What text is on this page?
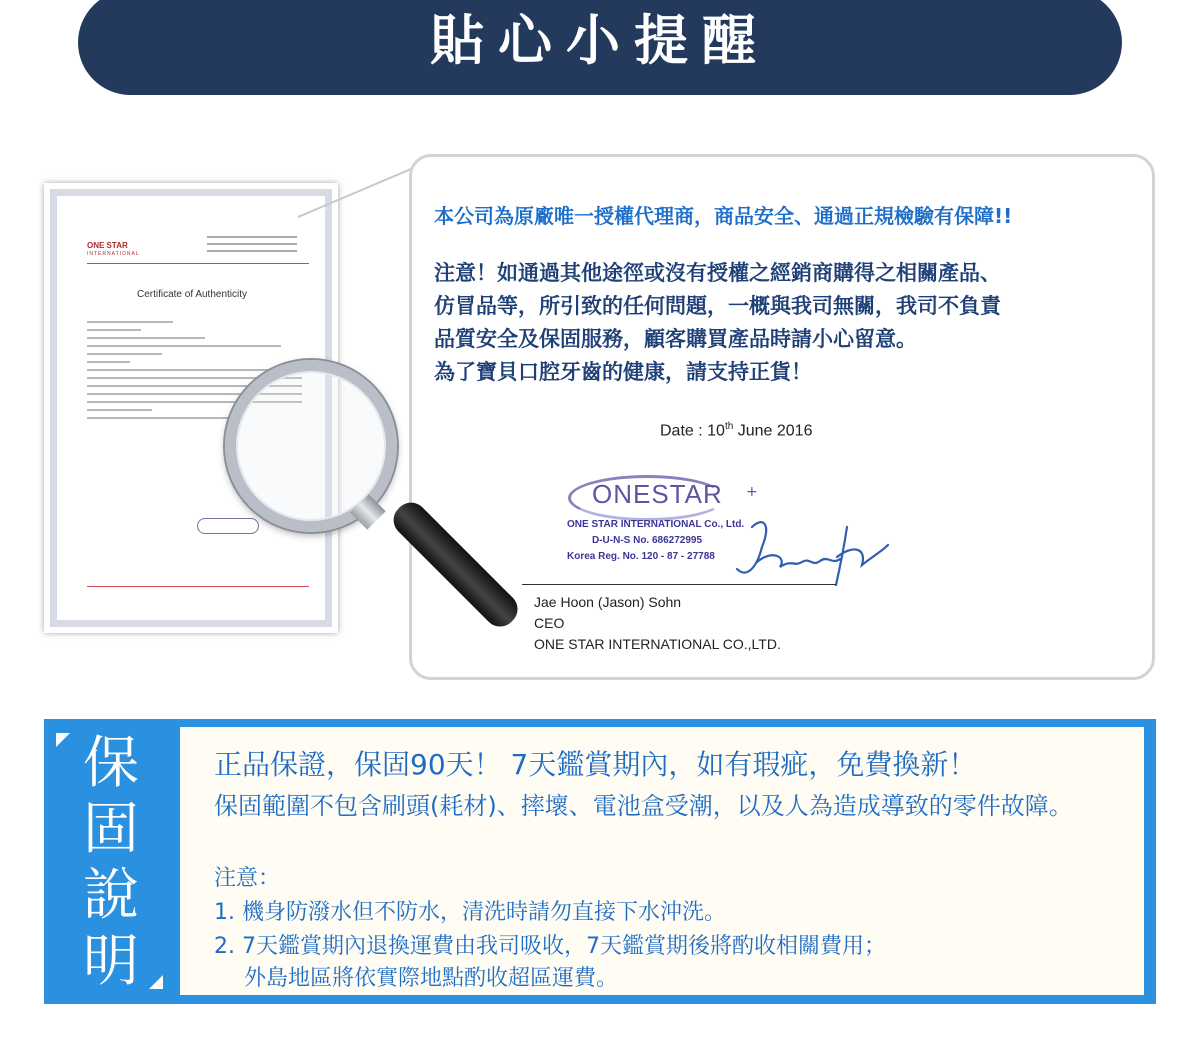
貼心小提醒
ONE STAR
INTERNATIONAL
Certificate of Authenticity
本公司為原廠唯一授權代理商，商品安全、通過正規檢驗有保障!!
注意！如通過其他途徑或沒有授權之經銷商購得之相關產品、
仿冒品等，所引致的任何問題，一概與我司無關，我司不負責
品質安全及保固服務，顧客購買產品時請小心留意。
為了寶貝口腔牙齒的健康，請支持正貨！
Date : 10th June 2016
ONESTAR +
ONE STAR INTERNATIONAL Co., Ltd.
D-U-N-S No. 686272995
Korea Reg. No. 120 - 87 - 27788
Jae Hoon (Jason) Sohn
CEO
ONE STAR INTERNATIONAL CO.,LTD.
保
固
說
明
正品保證，保固90天！ 7天鑑賞期內，如有瑕疵，免費換新！
保固範圍不包含刷頭(耗材)、摔壞、電池盒受潮，以及人為造成導致的零件故障。
注意：
1. 機身防潑水但不防水，清洗時請勿直接下水沖洗。
2. 7天鑑賞期內退換運費由我司吸收，7天鑑賞期後將酌收相關費用；
外島地區將依實際地點酌收超區運費。
